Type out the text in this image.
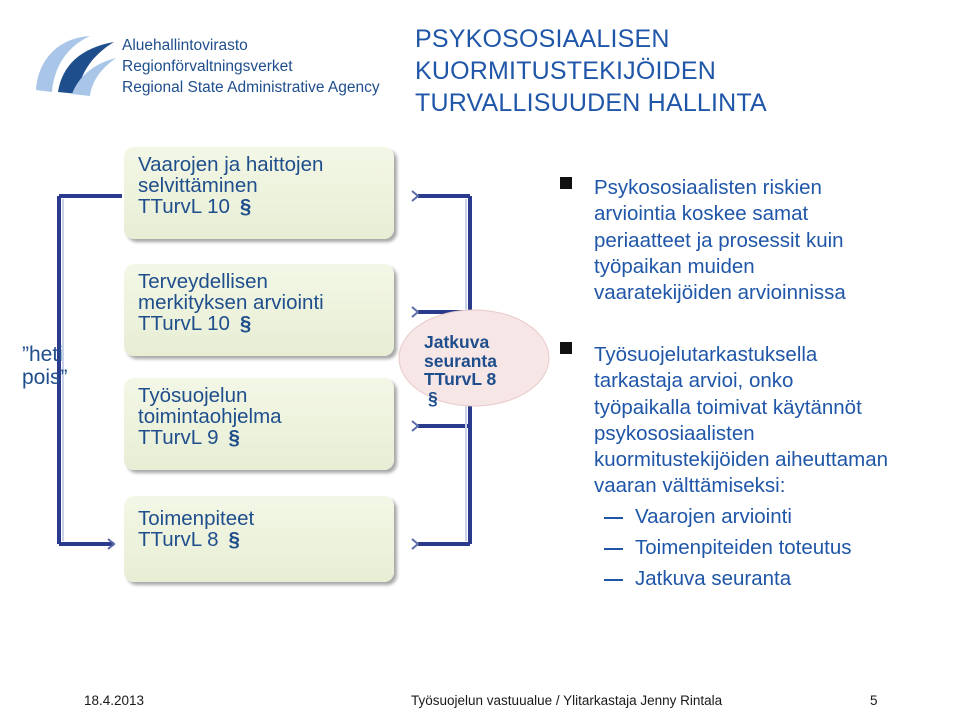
Aluehallintovirasto
Regionförvaltningsverket
Regional State Administrative Agency
PSYKOSOSIAALISEN
KUORMITUSTEKIJÖIDEN
TURVALLISUUDEN HALLINTA
Vaarojen ja haittojen
selvittäminen
TTurvL 10 §
Terveydellisen
merkityksen arviointi
TTurvL 10 §
Työsuojelun
toimintaohjelma
TTurvL 9 §
Toimenpiteet
TTurvL 8 §
”heti
pois”
Jatkuva
seuranta
TTurvL 8
§
Psykososiaalisten riskien
arviointia koskee samat
periaatteet ja prosessit kuin
työpaikan muiden
vaaratekijöiden arvioinnissa
Työsuojelutarkastuksella
tarkastaja arvioi, onko
työpaikalla toimivat käytännöt
psykososiaalisten
kuormitustekijöiden aiheuttaman
vaaran välttämiseksi:
Vaarojen arviointi
Toimenpiteiden toteutus
Jatkuva seuranta
18.4.2013	Työsuojelun vastuualue / Ylitarkastaja Jenny Rintala	5
